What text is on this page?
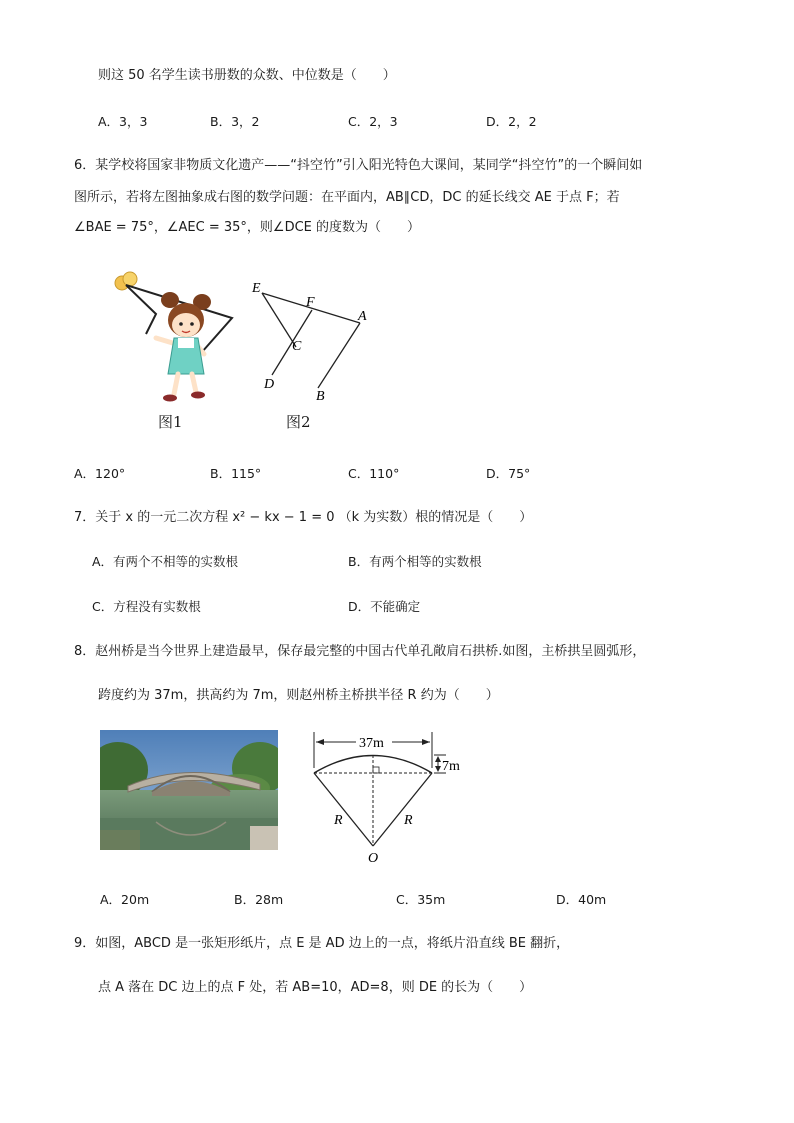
则这 50 名学生读书册数的众数、中位数是（　　）
A．3，3	B．3，2	C．2，3	D．2，2
6．某学校将国家非物质文化遗产——“抖空竹”引入阳光特色大课间，某同学“抖空竹”的一个瞬间如
图所示，若将左图抽象成右图的数学问题：在平面内，AB∥CD，DC 的延长线交 AE 于点 F；若
∠BAE = 75°，∠AEC = 35°，则∠DCE 的度数为（　　）
E
F
A
C
D
B
图1	图2
A．120°	B．115°	C．110°	D．75°
7．关于 x 的一元二次方程 x² − kx − 1 = 0 （k 为实数）根的情况是（　　）
A．有两个不相等的实数根	B．有两个相等的实数根
C．方程没有实数根	D．不能确定
8．赵州桥是当今世界上建造最早，保存最完整的中国古代单孔敞肩石拱桥.如图，主桥拱呈圆弧形，
跨度约为 37m，拱高约为 7m，则赵州桥主桥拱半径 R 约为（　　）
37m
7m
R	R
O
A．20m	B．28m	C．35m	D．40m
9．如图，ABCD 是一张矩形纸片，点 E 是 AD 边上的一点，将纸片沿直线 BE 翻折，
点 A 落在 DC 边上的点 F 处，若 AB=10，AD=8，则 DE 的长为（　　）
